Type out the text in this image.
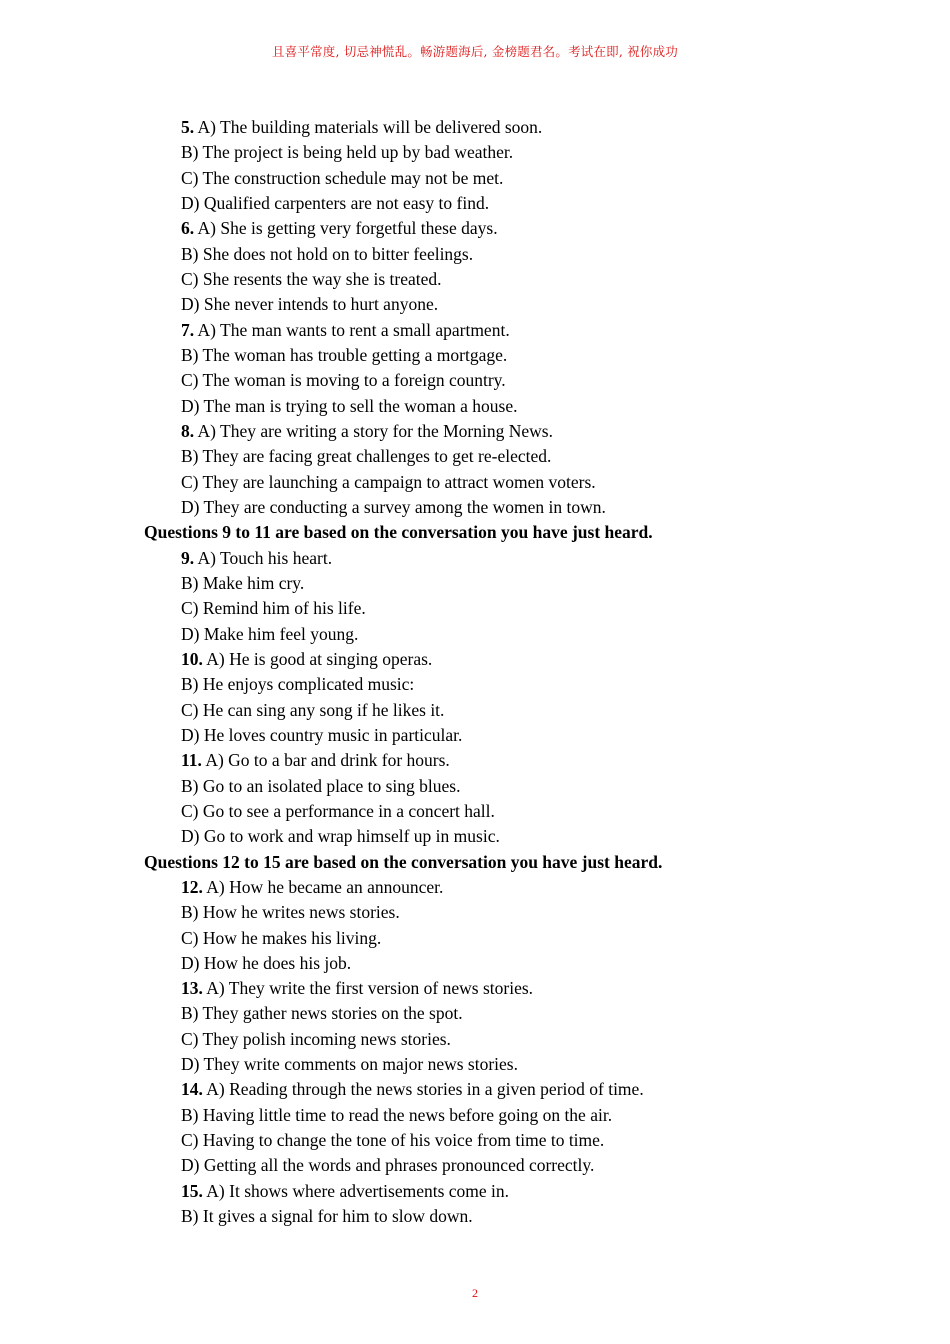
且喜平常度, 切忌神慌乱。畅游题海后, 金榜题君名。考试在即, 祝你成功
5. A) The building materials will be delivered soon.
B) The project is being held up by bad weather.
C) The construction schedule may not be met.
D) Qualified carpenters are not easy to find.
6. A) She is getting very forgetful these days.
B) She does not hold on to bitter feelings.
C) She resents the way she is treated.
D) She never intends to hurt anyone.
7. A) The man wants to rent a small apartment.
B) The woman has trouble getting a mortgage.
C) The woman is moving to a foreign country.
D) The man is trying to sell the woman a house.
8. A) They are writing a story for the Morning News.
B) They are facing great challenges to get re-elected.
C) They are launching a campaign to attract women voters.
D) They are conducting a survey among the women in town.
Questions 9 to 11 are based on the conversation you have just heard.
9. A) Touch his heart.
B) Make him cry.
C) Remind him of his life.
D) Make him feel young.
10. A) He is good at singing operas.
B) He enjoys complicated music:
C) He can sing any song if he likes it.
D) He loves country music in particular.
11. A) Go to a bar and drink for hours.
B) Go to an isolated place to sing blues.
C) Go to see a performance in a concert hall.
D) Go to work and wrap himself up in music.
Questions 12 to 15 are based on the conversation you have just heard.
12. A) How he became an announcer.
B) How he writes news stories.
C) How he makes his living.
D) How he does his job.
13. A) They write the first version of news stories.
B) They gather news stories on the spot.
C) They polish incoming news stories.
D) They write comments on major news stories.
14. A) Reading through the news stories in a given period of time.
B) Having little time to read the news before going on the air.
C) Having to change the tone of his voice from time to time.
D) Getting all the words and phrases pronounced correctly.
15. A) It shows where advertisements come in.
B) It gives a signal for him to slow down.
2
